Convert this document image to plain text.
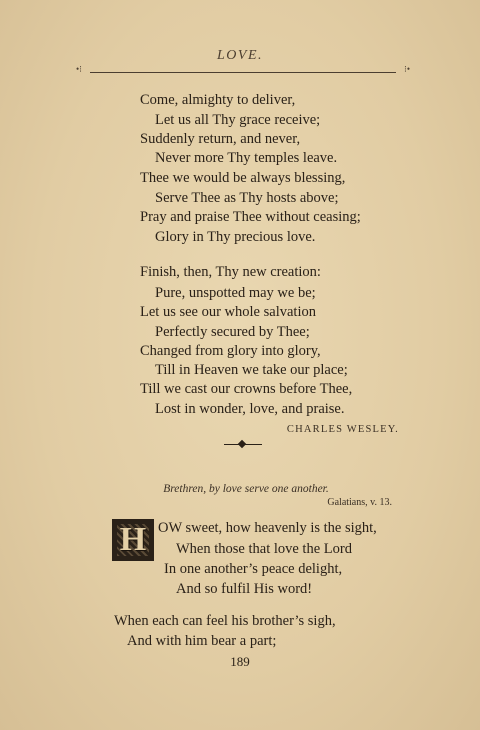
LOVE.
•⁝	⁝•
Come, almighty to deliver,
Let us all Thy grace receive;
Suddenly return, and never,
Never more Thy temples leave.
Thee we would be always blessing,
Serve Thee as Thy hosts above;
Pray and praise Thee without ceasing;
Glory in Thy precious love.
Finish, then, Thy new creation:
Pure, unspotted may we be;
Let us see our whole salvation
Perfectly secured by Thee;
Changed from glory into glory,
Till in Heaven we take our place;
Till we cast our crowns before Thee,
Lost in wonder, love, and praise.
CHARLES WESLEY.
Brethren, by love serve one another.
Galatians, v. 13.
H OW sweet, how heavenly is the sight,
When those that love the Lord
In one another’s peace delight,
And so fulfil His word!
When each can feel his brother’s sigh,
And with him bear a part;
189
